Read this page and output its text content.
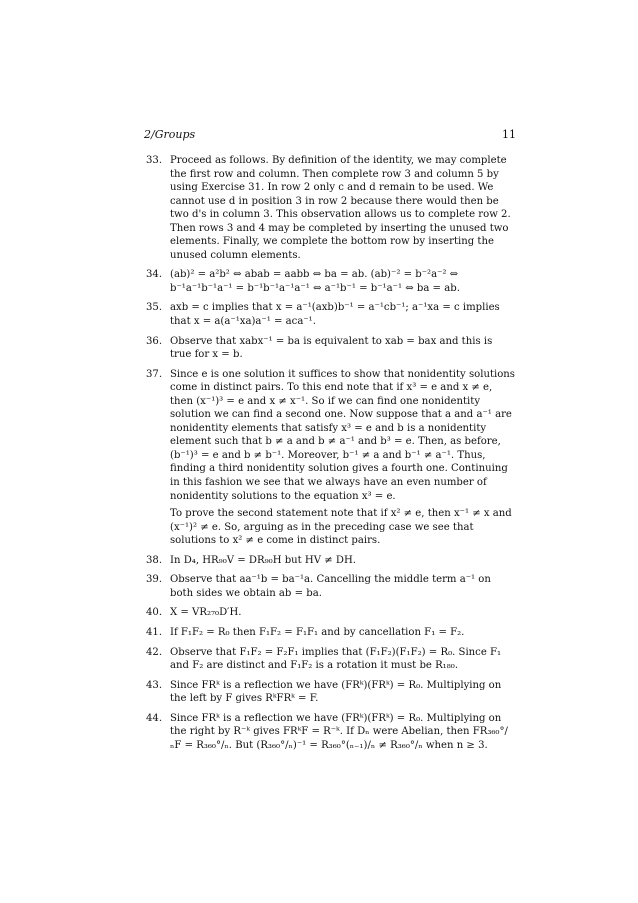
2/Groups	11
33. Proceed as follows. By definition of the identity, we may complete the first row and column. Then complete row 3 and column 5 by using Exercise 31. In row 2 only c and d remain to be used. We cannot use d in position 3 in row 2 because there would then be two d's in column 3. This observation allows us to complete row 2. Then rows 3 and 4 may be completed by inserting the unused two elements. Finally, we complete the bottom row by inserting the unused column elements.

34. (ab)² = a²b² ⇔ abab = aabb ⇔ ba = ab. (ab)⁻² = b⁻²a⁻² ⇔ b⁻¹a⁻¹b⁻¹a⁻¹ = b⁻¹b⁻¹a⁻¹a⁻¹ ⇔ a⁻¹b⁻¹ = b⁻¹a⁻¹ ⇔ ba = ab.

35. axb = c implies that x = a⁻¹(axb)b⁻¹ = a⁻¹cb⁻¹; a⁻¹xa = c implies that x = a(a⁻¹xa)a⁻¹ = aca⁻¹.

36. Observe that xabx⁻¹ = ba is equivalent to xab = bax and this is true for x = b.

37. Since e is one solution it suffices to show that nonidentity solutions come in distinct pairs. To this end note that if x³ = e and x ≠ e, then (x⁻¹)³ = e and x ≠ x⁻¹. So if we can find one nonidentity solution we can find a second one. Now suppose that a and a⁻¹ are nonidentity elements that satisfy x³ = e and b is a nonidentity element such that b ≠ a and b ≠ a⁻¹ and b³ = e. Then, as before, (b⁻¹)³ = e and b ≠ b⁻¹. Moreover, b⁻¹ ≠ a and b⁻¹ ≠ a⁻¹. Thus, finding a third nonidentity solution gives a fourth one. Continuing in this fashion we see that we always have an even number of nonidentity solutions to the equation x³ = e.

To prove the second statement note that if x² ≠ e, then x⁻¹ ≠ x and (x⁻¹)² ≠ e. So, arguing as in the preceding case we see that solutions to x² ≠ e come in distinct pairs.

38. In D₄, HR₉₀V = DR₉₀H but HV ≠ DH.

39. Observe that aa⁻¹b = ba⁻¹a. Cancelling the middle term a⁻¹ on both sides we obtain ab = ba.

40. X = VR₂₇₀D′H.

41. If F₁F₂ = R₀ then F₁F₂ = F₁F₁ and by cancellation F₁ = F₂.

42. Observe that F₁F₂ = F₂F₁ implies that (F₁F₂)(F₁F₂) = R₀. Since F₁ and F₂ are distinct and F₁F₂ is a rotation it must be R₁₈₀.

43. Since FRᵏ is a reflection we have (FRᵏ)(FRᵏ) = R₀. Multiplying on the left by F gives RᵏFRᵏ = F.

44. Since FRᵏ is a reflection we have (FRᵏ)(FRᵏ) = R₀. Multiplying on the right by R⁻ᵏ gives FRᵏF = R⁻ᵏ. If Dₙ were Abelian, then FR₃₆₀°/ₙF = R₃₆₀°/ₙ. But (R₃₆₀°/ₙ)⁻¹ = R₃₆₀°(ₙ₋₁)/ₙ ≠ R₃₆₀°/ₙ when n ≥ 3.
